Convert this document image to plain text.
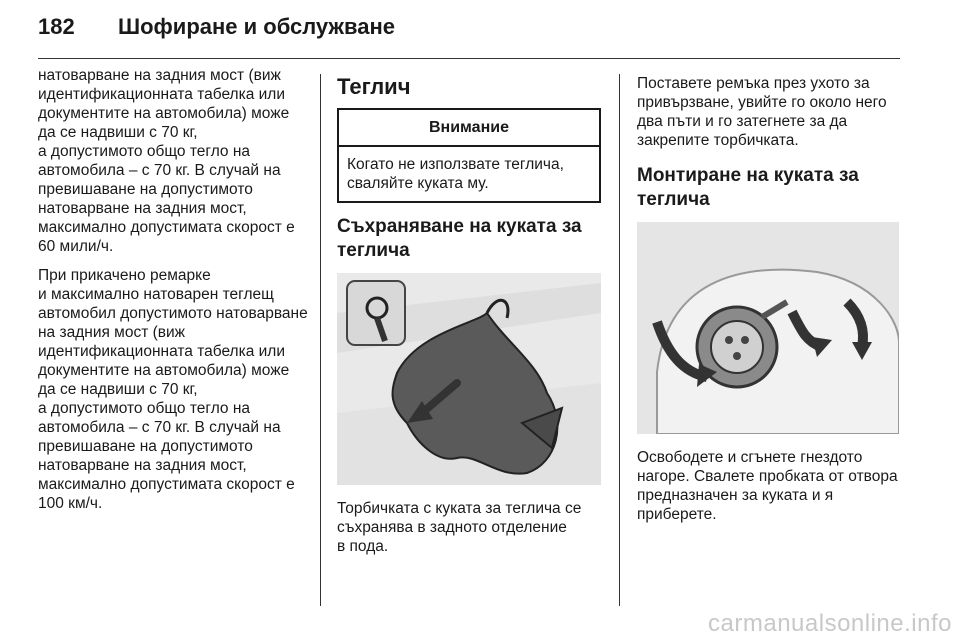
182 Шофиране и обслужване

натоварване на задния мост (виж идентификационната табелка или документите на автомобила) може да се надвиши с 70 кг,
а допустимото общо тегло на автомобила – с 70 кг. В случай на превишаване на допустимото натоварване на задния мост, максимално допустимата скорост е 60 мили/ч.

При прикачено ремарке
и максимално натоварен теглещ автомобил допустимото натоварване на задния мост (виж идентификационната табелка или документите на автомобила) може да се надвиши с 70 кг,
а допустимото общо тегло на автомобила – с 70 кг. В случай на превишаване на допустимото натоварване на задния мост, максимално допустимата скорост е 100 км/ч.

Теглич
Внимание
Когато не използвате теглича, сваляйте куката му.
Съхраняване на куката за теглича

Торбичката с куката за теглича се съхранява в задното отделение
в пода.

Поставете ремъка през ухото за привързване, увийте го около него два пъти и го затегнете за да закрепите торбичката.

Монтиране на куката за теглича

Освободете и сгънете гнездото нагоре. Свалете пробката от отвора предназначен за куката и я приберете.

carmanualsonline.info
